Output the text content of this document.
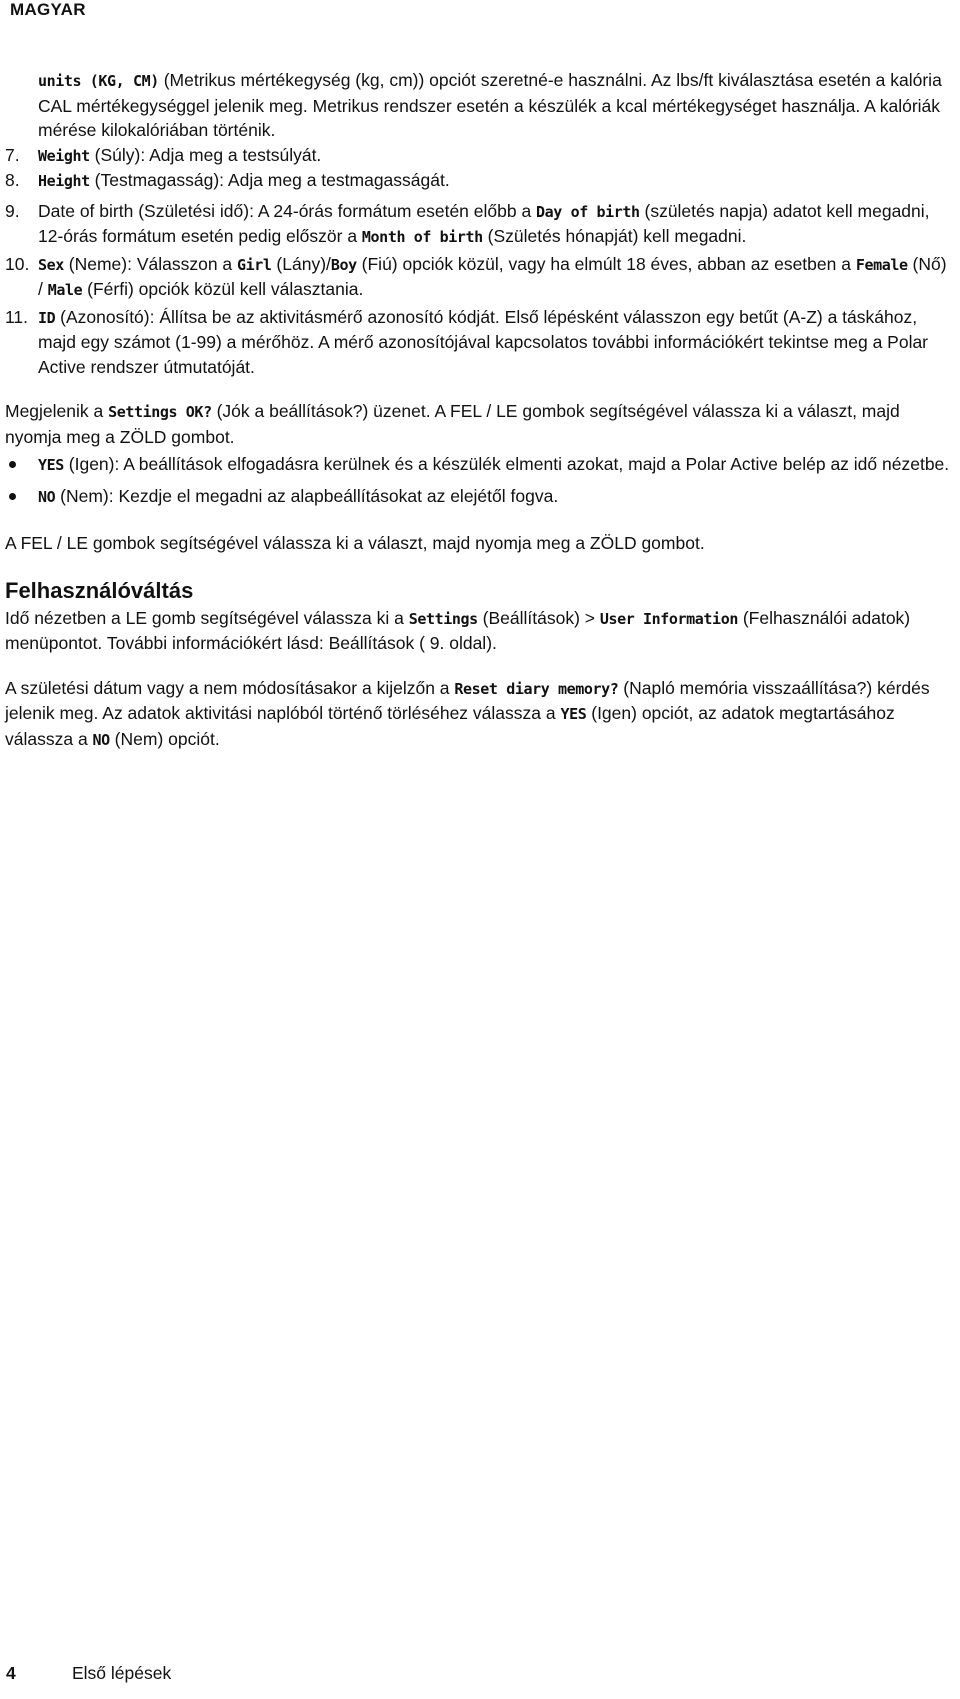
MAGYAR

units (KG, CM) (Metrikus mértékegység (kg, cm)) opciót szeretné-e használni. Az lbs/ft kiválasztása esetén a kalória CAL mértékegységgel jelenik meg. Metrikus rendszer esetén a készülék a kcal mértékegységet használja. A kalóriák mérése kilokalóriában történik.

7. Weight (Súly): Adja meg a testsúlyát.

8. Height (Testmagasság): Adja meg a testmagasságát.

9. Date of birth (Születési idő): A 24-órás formátum esetén előbb a Day of birth (születés napja) adatot kell megadni, 12-órás formátum esetén pedig először a Month of birth (Születés hónapját) kell megadni.

10. Sex (Neme): Válasszon a Girl (Lány)/Boy (Fiú) opciók közül, vagy ha elmúlt 18 éves, abban az esetben a Female (Nő) / Male (Férfi) opciók közül kell választania.

11. ID (Azonosító): Állítsa be az aktivitásmérő azonosító kódját. Első lépésként válasszon egy betűt (A-Z) a táskához, majd egy számot (1-99) a mérőhöz. A mérő azonosítójával kapcsolatos további információkért tekintse meg a Polar Active rendszer útmutatóját.

Megjelenik a Settings OK? (Jók a beállítások?) üzenet. A FEL / LE gombok segítségével válassza ki a választ, majd nyomja meg a ZÖLD gombot.

YES (Igen): A beállítások elfogadásra kerülnek és a készülék elmenti azokat, majd a Polar Active belép az idő nézetbe.

NO (Nem): Kezdje el megadni az alapbeállításokat az elejétől fogva.

A FEL / LE gombok segítségével válassza ki a választ, majd nyomja meg a ZÖLD gombot.

Felhasználóváltás

Idő nézetben a LE gomb segítségével válassza ki a Settings (Beállítások) > User Information (Felhasználói adatok) menüpontot. További információkért lásd: Beállítások ( 9. oldal).

A születési dátum vagy a nem módosításakor a kijelzőn a Reset diary memory? (Napló memória visszaállítása?) kérdés jelenik meg. Az adatok aktivitási naplóból történő törléséhez válassza a YES (Igen) opciót, az adatok megtartásához válassza a NO (Nem) opciót.

4	Első lépések
